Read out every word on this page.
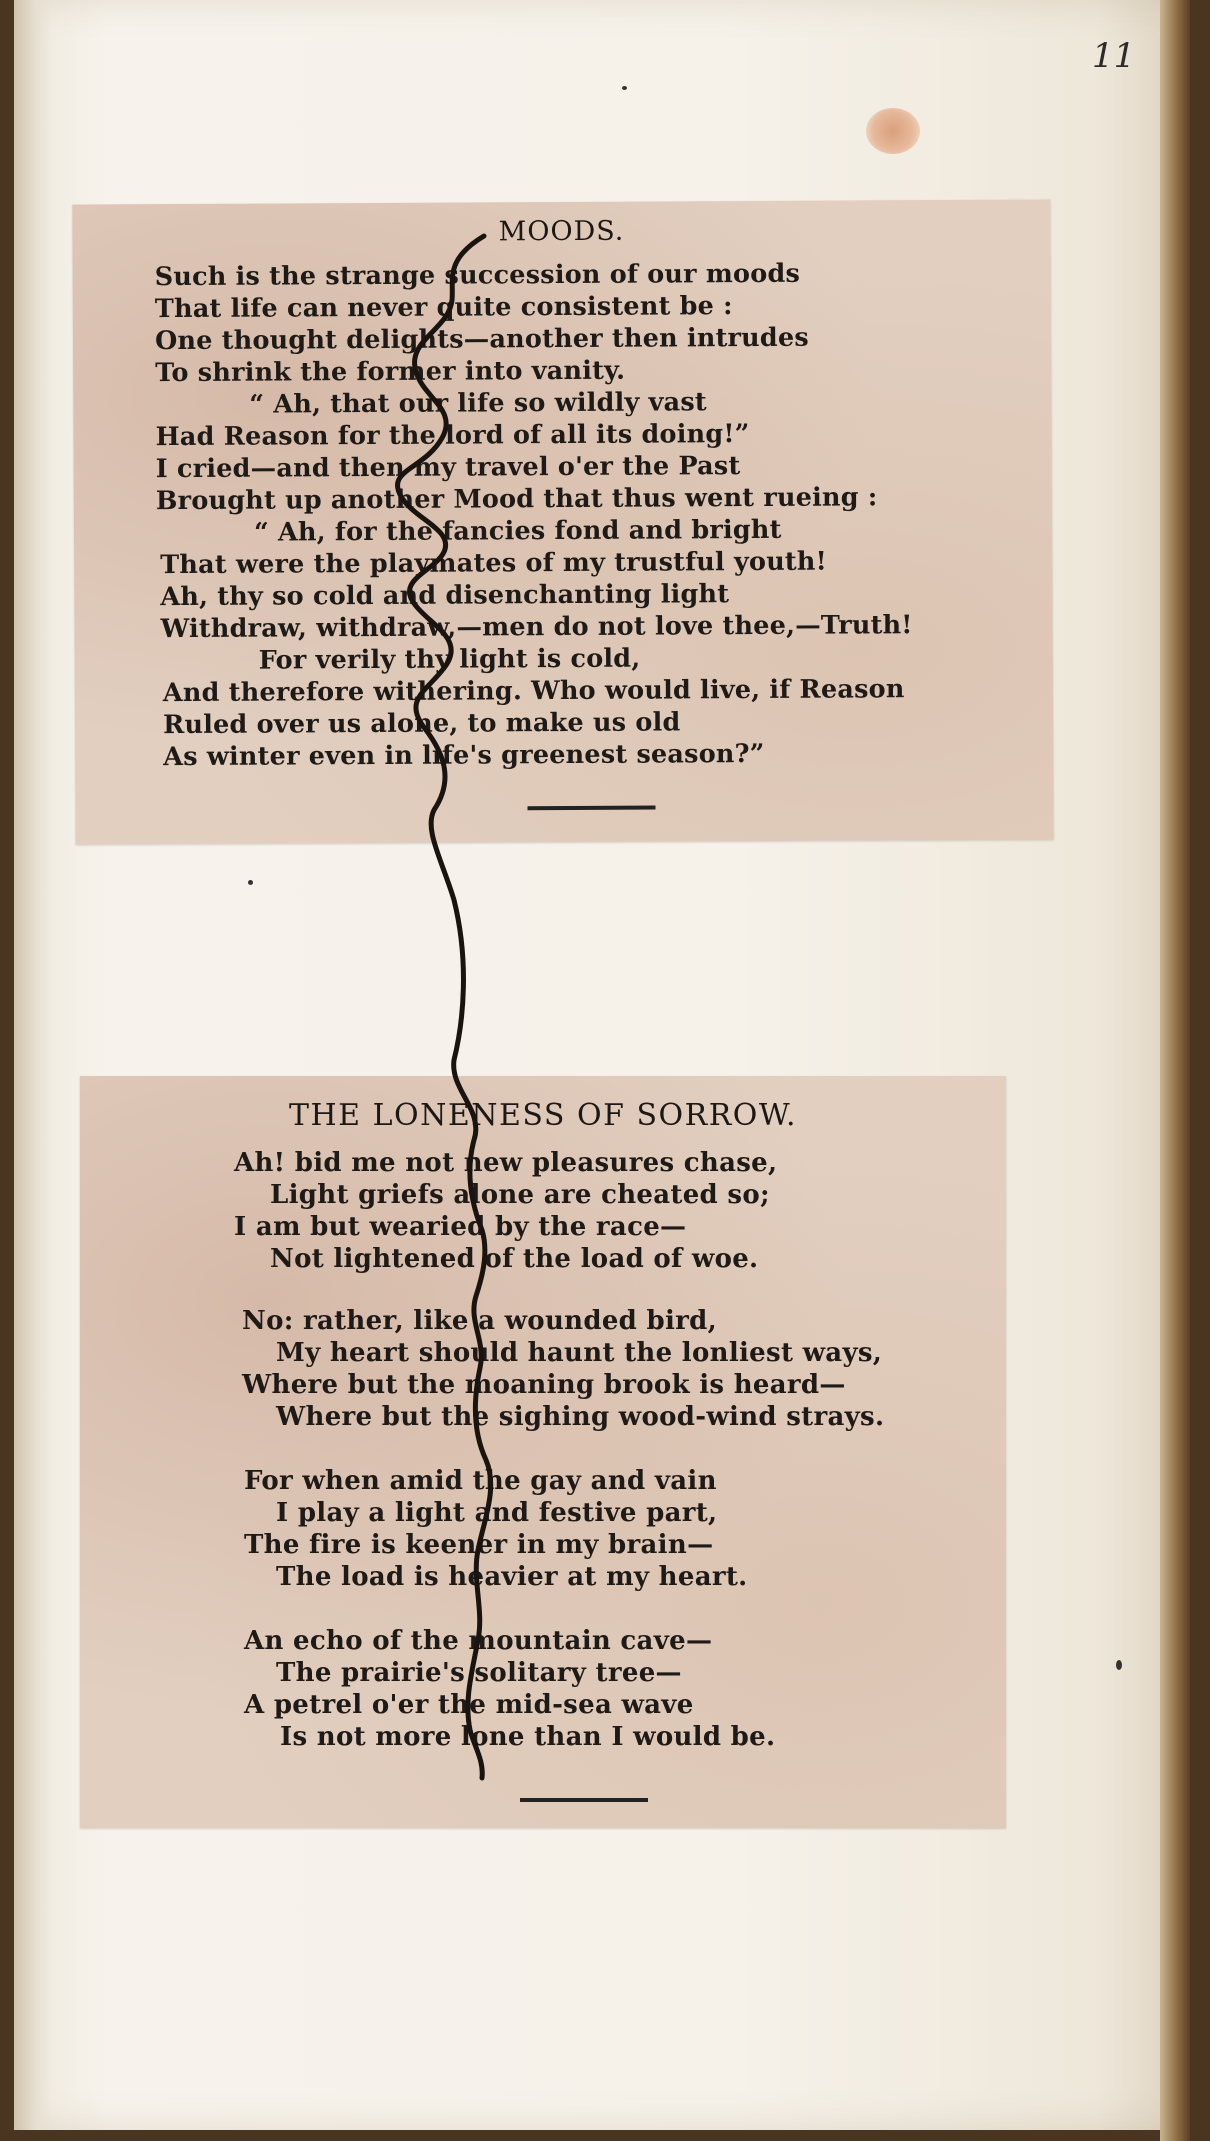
11
MOODS.
Such is the strange succession of our moods
That life can never quite consistent be :
One thought delights—another then intrudes
To shrink the former into vanity.
“ Ah, that our life so wildly vast
Had Reason for the lord of all its doing!”
I cried—and then my travel o'er the Past
Brought up another Mood that thus went rueing :
“ Ah, for the fancies fond and bright
That were the playmates of my trustful youth!
Ah, thy so cold and disenchanting light
Withdraw, withdraw,—men do not love thee,—Truth!
For verily thy light is cold,
And therefore withering. Who would live, if Reason
Ruled over us alone, to make us old
As winter even in life's greenest season?”
THE LONENESS OF SORROW.
Ah! bid me not new pleasures chase,
Light griefs alone are cheated so;
I am but wearied by the race—
Not lightened of the load of woe.
No: rather, like a wounded bird,
My heart should haunt the lonliest ways,
Where but the moaning brook is heard—
Where but the sighing wood-wind strays.
For when amid the gay and vain
I play a light and festive part,
The fire is keener in my brain—
The load is heavier at my heart.
An echo of the mountain cave—
The prairie's solitary tree—
A petrel o'er the mid-sea wave
Is not more lone than I would be.
